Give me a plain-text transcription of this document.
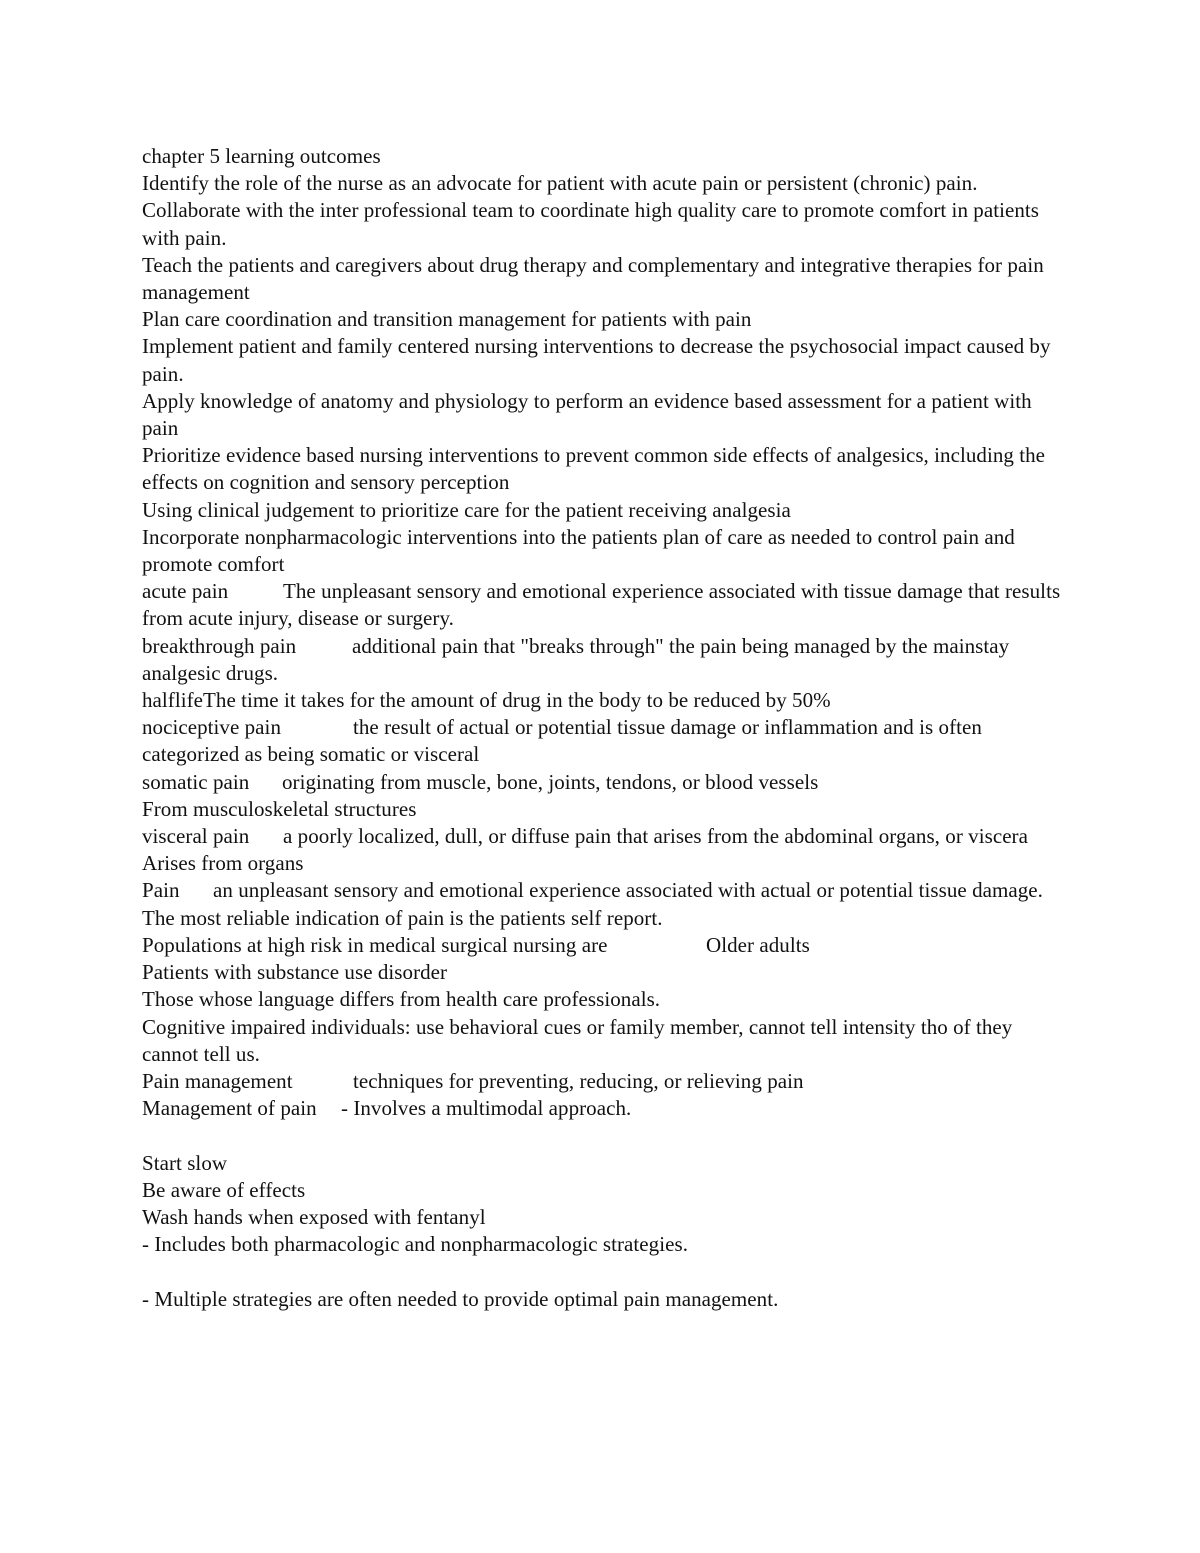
chapter 5 learning outcomes
Identify the role of the nurse as an advocate for patient with acute pain or persistent (chronic) pain.
Collaborate with the inter professional team to coordinate high quality care to promote comfort in patients with pain.
Teach the patients and caregivers about drug therapy and complementary and integrative therapies for pain management
Plan care coordination and transition management for patients with pain
Implement patient and family centered nursing interventions to decrease the psychosocial impact caused by pain.
Apply knowledge of anatomy and physiology to perform an evidence based assessment for a patient with pain
Prioritize evidence based nursing interventions to prevent common side effects of analgesics, including the effects on cognition and sensory perception
Using clinical judgement to prioritize care for the patient receiving analgesia
Incorporate nonpharmacologic interventions into the patients plan of care as needed to control pain and promote comfort
acute pain	The unpleasant sensory and emotional experience associated with tissue damage that results from acute injury, disease or surgery.
breakthrough pain	additional pain that "breaks through" the pain being managed by the mainstay analgesic drugs.
halflifeThe time it takes for the amount of drug in the body to be reduced by 50%
nociceptive pain	the result of actual or potential tissue damage or inflammation and is often categorized as being somatic or visceral
somatic pain originating from muscle, bone, joints, tendons, or blood vessels
From musculoskeletal structures
visceral pain a poorly localized, dull, or diffuse pain that arises from the abdominal organs, or viscera
Arises from organs
Pain an unpleasant sensory and emotional experience associated with actual or potential tissue damage. The most reliable indication of pain is the patients self report.
Populations at high risk in medical surgical nursing are	Older adults
Patients with substance use disorder
Those whose language differs from health care professionals.
Cognitive impaired individuals: use behavioral cues or family member, cannot tell intensity tho of they cannot tell us.
Pain management	techniques for preventing, reducing, or relieving pain
Management of pain - Involves a multimodal approach.
Start slow
Be aware of effects
Wash hands when exposed with fentanyl
- Includes both pharmacologic and nonpharmacologic strategies.
- Multiple strategies are often needed to provide optimal pain management.
